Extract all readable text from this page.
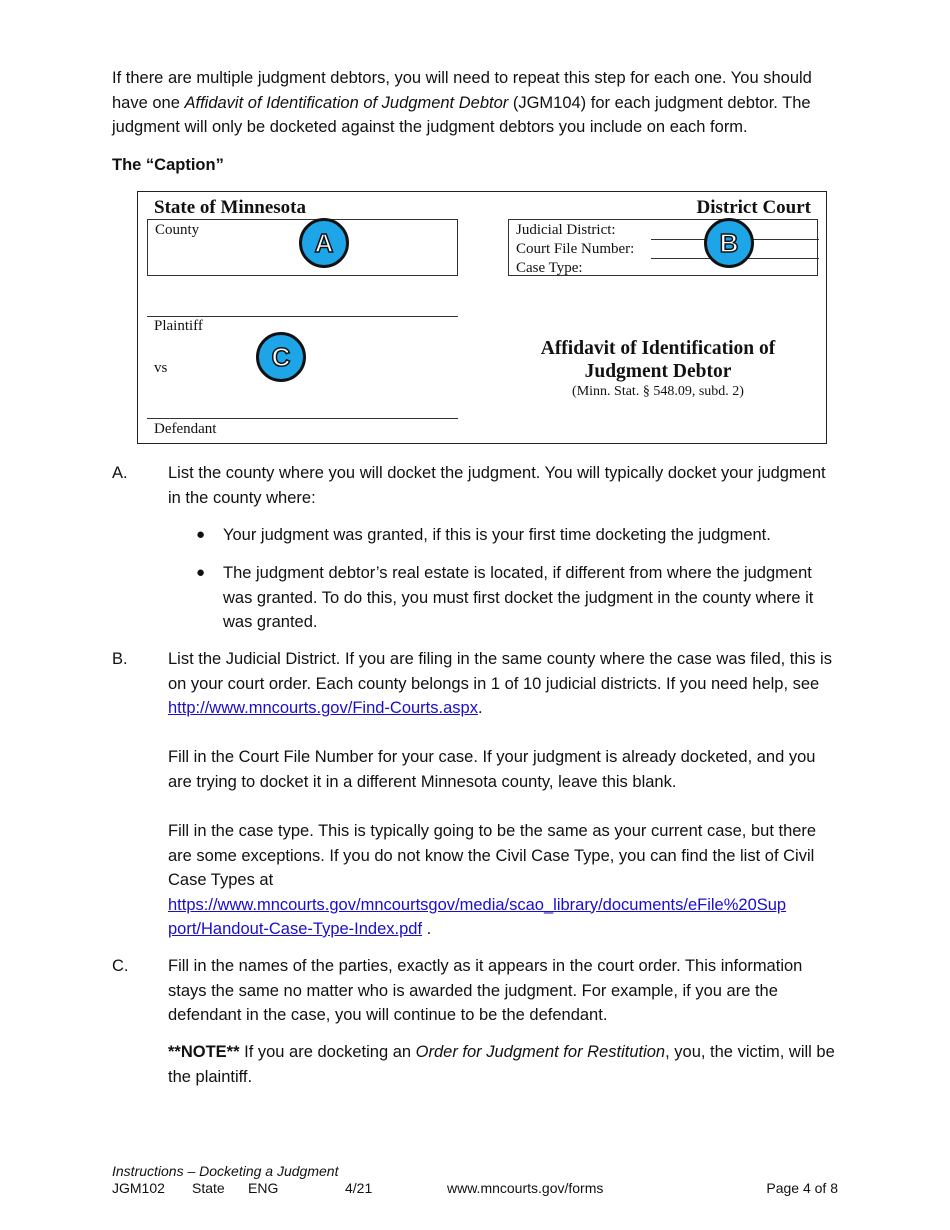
If there are multiple judgment debtors, you will need to repeat this step for each one. You should have one Affidavit of Identification of Judgment Debtor (JGM104) for each judgment debtor. The judgment will only be docketed against the judgment debtors you include on each form.
The “Caption”
State of Minnesota	District Court
County	Judicial District:
Court File Number:
Case Type:
Plaintiff
vs
Defendant
Affidavit of Identification of
Judgment Debtor
(Minn. Stat. § 548.09, subd. 2)
A	B
C
A.	List the county where you will docket the judgment. You will typically docket your judgment in the county where:
● Your judgment was granted, if this is your first time docketing the judgment.
● The judgment debtor’s real estate is located, if different from where the judgment was granted. To do this, you must first docket the judgment in the county where it was granted.
B.	List the Judicial District. If you are filing in the same county where the case was filed, this is on your court order. Each county belongs in 1 of 10 judicial districts. If you need help, see http://www.mncourts.gov/Find-Courts.aspx.
Fill in the Court File Number for your case. If your judgment is already docketed, and you are trying to docket it in a different Minnesota county, leave this blank.
Fill in the case type. This is typically going to be the same as your current case, but there are some exceptions. If you do not know the Civil Case Type, you can find the list of Civil Case Types at
https://www.mncourts.gov/mncourtsgov/media/scao_library/documents/eFile%20Sup
port/Handout-Case-Type-Index.pdf .
C.	Fill in the names of the parties, exactly as it appears in the court order. This information stays the same no matter who is awarded the judgment. For example, if you are the defendant in the case, you will continue to be the defendant.
**NOTE** If you are docketing an Order for Judgment for Restitution, you, the victim, will be the plaintiff.
Instructions – Docketing a Judgment
JGM102 State ENG	4/21	www.mncourts.gov/forms	Page 4 of 8
